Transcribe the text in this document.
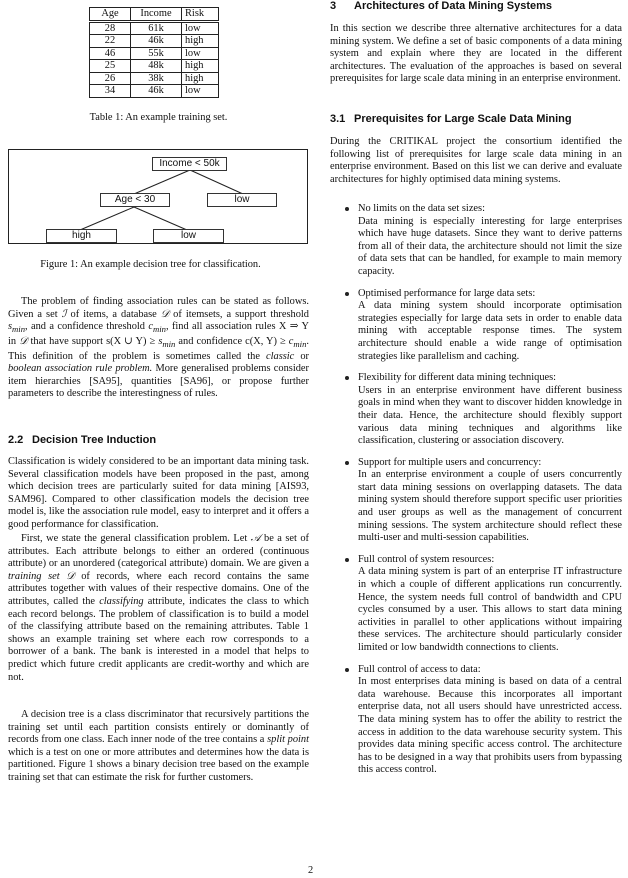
Age	Income	Risk
28	61k	low
22	46k	high
46	55k	low
25	48k	high
26	38k	high
34	46k	low
Table 1: An example training set.
Income < 50k
Age < 30	low
high	low
Figure 1: An example decision tree for classification.

The problem of finding association rules can be stated as follows. Given a set ℐ of items, a database 𝒟 of itemsets, a support threshold $s_{min}$, and a confidence threshold $c_{min}$, find all association rules X ⇒ Y in 𝒟 that have support s(X ∪ $Y) \ge s_{min}$ and confidence c(X, $Y) \ge c_{min}$. This definition of the problem is sometimes called the classic or boolean association rule problem. More generalised problems consider item hierarchies [SA95], quantities [SA96], or propose further parameters to describe the interestingness of rules.

2.2 Decision Tree Induction

Classification is widely considered to be an important data mining task. Several classification models have been proposed in the past, among which decision trees are particularly suited for data mining [AIS93, SAM96]. Compared to other classification models the decision tree model is, like the association rule model, easy to interpret and it offers a good performance for classification.

First, we state the general classification problem. Let 𝒜 be a set of attributes. Each attribute belongs to either an ordered (continuous attribute) or an unordered (categorical attribute) domain. We are given a training set 𝒟 of records, where each record contains the same attributes together with values of their respective domains. One of the attributes, called the classifying attribute, indicates the class to which each record belongs. The problem of classification is to build a model of the classifying attribute based on the remaining attributes. Table 1 shows an example training set where each row corresponds to a borrower of a bank. The bank is interested in a model that helps to predict which future credit applicants are credit-worthy and which are not.

A decision tree is a class discriminator that recursively partitions the training set until each partition consists entirely or dominantly of records from one class. Each inner node of the tree contains a split point which is a test on one or more attributes and determines how the data is partitioned. Figure 1 shows a binary decision tree based on the example training set that can estimate the risk for further customers.

3 Architectures of Data Mining Systems

In this section we describe three alternative architectures for a data mining system. We define a set of basic components of a data mining system and explain where they are located in the different architectures. The evaluation of the approaches is based on several prerequisites for large scale data mining in an enterprise environment.

3.1 Prerequisites for Large Scale Data Mining

During the CRITIKAL project the consortium identified the following list of prerequisites for large scale data mining in an enterprise environment. Based on this list we can derive and evaluate architectures for highly optimised data mining systems.

No limits on the data set sizes:
Data mining is especially interesting for large enterprises which have huge datasets. Since they want to derive patterns from all of their data, the architecture should not limit the size of data sets that can be handled, for example to main memory capacity.
Optimised performance for large data sets:
A data mining system should incorporate optimisation strategies especially for large data sets in order to enable data mining with acceptable response times. The system architecture should enable a wide range of optimisation strategies like parallelism and caching.
Flexibility for different data mining techniques:
Users in an enterprise environment have different business goals in mind when they want to discover hidden knowledge in their data. Hence, the architecture should flexibly support various data mining techniques and algorithms like classification, clustering or association discovery.
Support for multiple users and concurrency:
In an enterprise environment a couple of users concurrently start data mining sessions on overlapping datasets. The data mining system should therefore support specific user priorities and user groups as well as the management of concurrent mining sessions. The system architecture should reflect these multi-user and multi-session capabilities.
Full control of system resources:
A data mining system is part of an enterprise IT infrastructure in which a couple of different applications run concurrently. Hence, the system needs full control of bandwidth and CPU cycles consumed by a user. This allows to start data mining activities in parallel to other applications without impairing these services. The architecture should particularly consider limited or low bandwidth connections to clients.
Full control of access to data:
In most enterprises data mining is based on data of a central data warehouse. Because this incorporates all important enterprise data, not all users should have unrestricted access. The data mining system has to offer the ability to restrict the access in addition to the data warehouse security system. This provides data mining specific access control. The architecture has to be designed in a way that prohibits users from bypassing this access control.
2
